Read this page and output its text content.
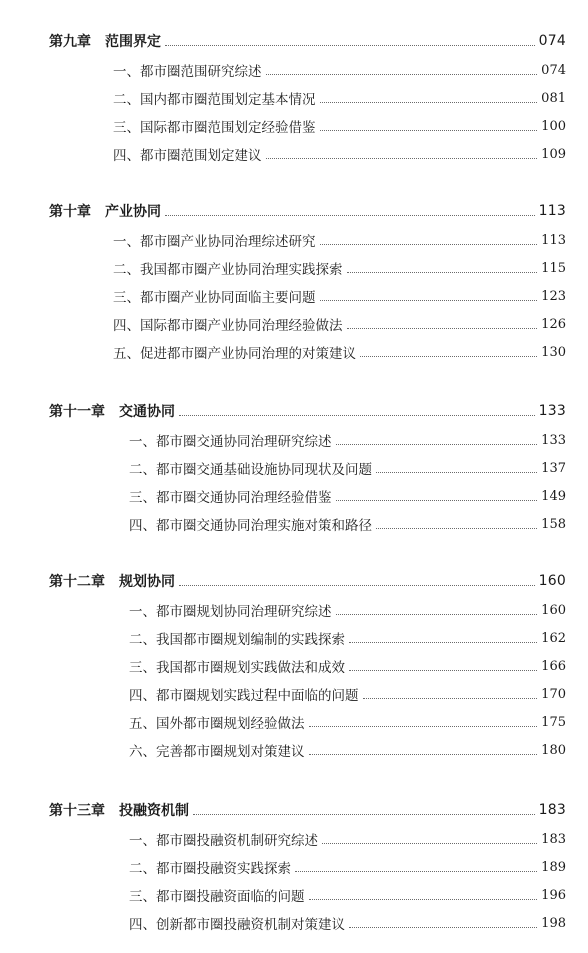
第九章 范围界定	074
一、都市圈范围研究综述	074
二、国内都市圈范围划定基本情况	081
三、国际都市圈范围划定经验借鉴	100
四、都市圈范围划定建议	109
第十章 产业协同	113
一、都市圈产业协同治理综述研究	113
二、我国都市圈产业协同治理实践探索	115
三、都市圈产业协同面临主要问题	123
四、国际都市圈产业协同治理经验做法	126
五、促进都市圈产业协同治理的对策建议	130
第十一章 交通协同	133
一、都市圈交通协同治理研究综述	133
二、都市圈交通基础设施协同现状及问题	137
三、都市圈交通协同治理经验借鉴	149
四、都市圈交通协同治理实施对策和路径	158
第十二章 规划协同	160
一、都市圈规划协同治理研究综述	160
二、我国都市圈规划编制的实践探索	162
三、我国都市圈规划实践做法和成效	166
四、都市圈规划实践过程中面临的问题	170
五、国外都市圈规划经验做法	175
六、完善都市圈规划对策建议	180
第十三章 投融资机制	183
一、都市圈投融资机制研究综述	183
二、都市圈投融资实践探索	189
三、都市圈投融资面临的问题	196
四、创新都市圈投融资机制对策建议	198
